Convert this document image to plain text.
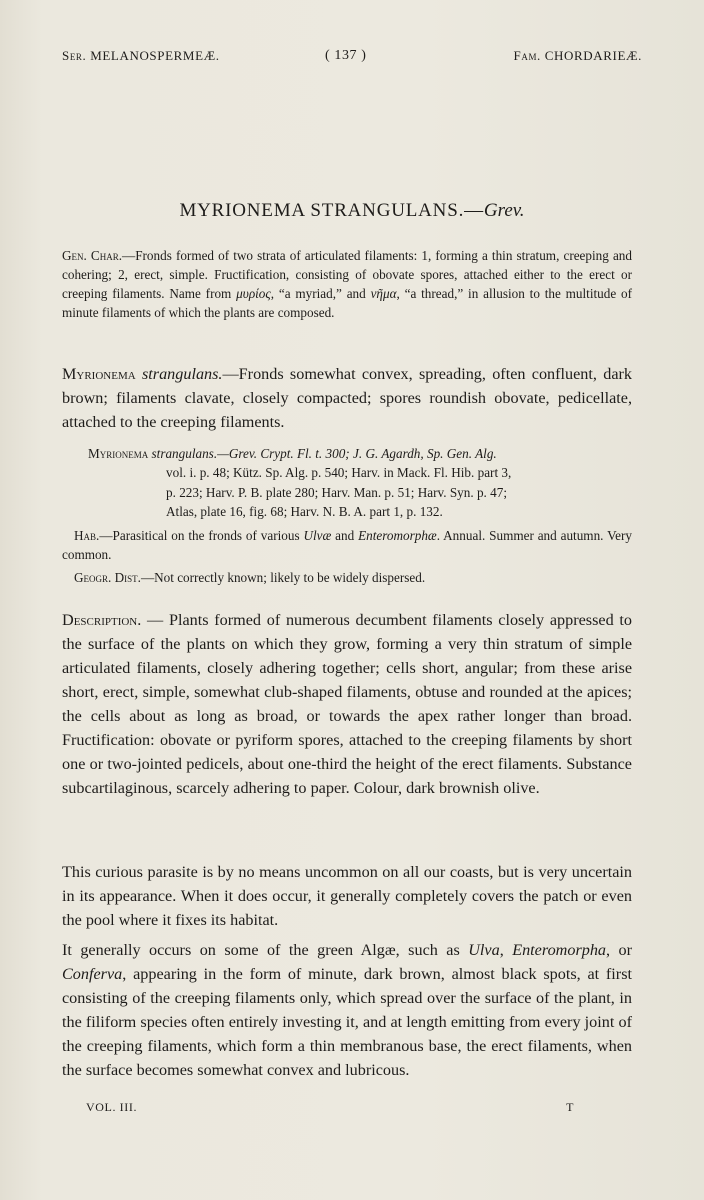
Ser. MELANOSPERMEÆ.	( 137 )	Fam. CHORDARIEÆ.
MYRIONEMA STRANGULANS.—Grev.
Gen. Char.—Fronds formed of two strata of articulated filaments: 1, forming a thin stratum, creeping and cohering; 2, erect, simple. Fructification, consisting of obovate spores, attached either to the erect or creeping filaments. Name from μυρίος, “a myriad,” and νῆμα, “a thread,” in allusion to the multitude of minute filaments of which the plants are composed.
Myrionema strangulans.—Fronds somewhat convex, spreading, often confluent, dark brown; filaments clavate, closely compacted; spores roundish obovate, pedicellate, attached to the creeping filaments.
Myrionema strangulans.—Grev. Crypt. Fl. t. 300; J. G. Agardh, Sp. Gen. Alg.
vol. i. p. 48; Kütz. Sp. Alg. p. 540; Harv. in Mack. Fl. Hib. part 3,
p. 223; Harv. P. B. plate 280; Harv. Man. p. 51; Harv. Syn. p. 47;
Atlas, plate 16, fig. 68; Harv. N. B. A. part 1, p. 132.

Hab.—Parasitical on the fronds of various Ulvæ and Enteromorphæ. Annual. Summer and autumn. Very common.

Geogr. Dist.—Not correctly known; likely to be widely dispersed.

Description. — Plants formed of numerous decumbent filaments closely appressed to the surface of the plants on which they grow, forming a very thin stratum of simple articulated filaments, closely adhering together; cells short, angular; from these arise short, erect, simple, somewhat club-shaped filaments, obtuse and rounded at the apices; the cells about as long as broad, or towards the apex rather longer than broad. Fructification: obovate or pyriform spores, attached to the creeping filaments by short one or two-jointed pedicels, about one-third the height of the erect filaments. Substance subcartilaginous, scarcely adhering to paper. Colour, dark brownish olive.

This curious parasite is by no means uncommon on all our coasts, but is very uncertain in its appearance. When it does occur, it generally completely covers the patch or even the pool where it fixes its habitat.

It generally occurs on some of the green Algæ, such as Ulva, Enteromorpha, or Conferva, appearing in the form of minute, dark brown, almost black spots, at first consisting of the creeping filaments only, which spread over the surface of the plant, in the filiform species often entirely investing it, and at length emitting from every joint of the creeping filaments, which form a thin membranous base, the erect filaments, when the surface becomes somewhat convex and lubricous.

VOL. III.	T
